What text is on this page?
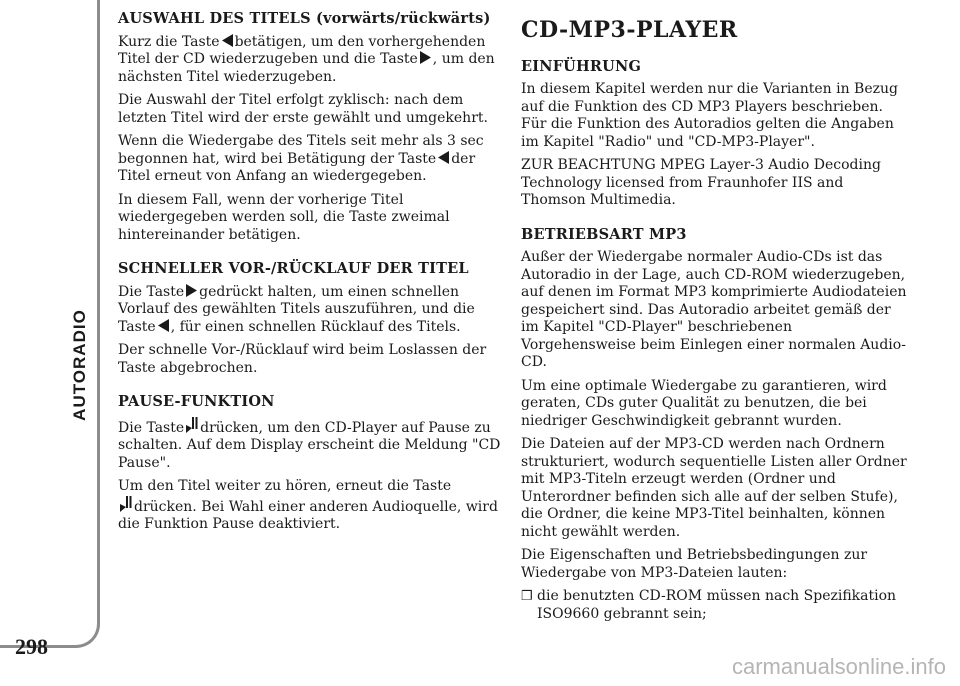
AUTORADIO
298
AUSWAHL DES TITELS (vorwärts/rückwärts)

Kurz die Taste betätigen, um den vorhergehenden Titel der CD wiederzugeben und die Taste , um den nächsten Titel wiederzugeben.

Die Auswahl der Titel erfolgt zyklisch: nach dem letzten Titel wird der erste gewählt und umgekehrt.

Wenn die Wiedergabe des Titels seit mehr als 3 sec begonnen hat, wird bei Betätigung der Taste der Titel erneut von Anfang an wiedergegeben.

In diesem Fall, wenn der vorherige Titel wiedergegeben werden soll, die Taste zweimal hintereinander betätigen.

SCHNELLER VOR-/RÜCKLAUF DER TITEL

Die Taste gedrückt halten, um einen schnellen Vorlauf des gewählten Titels auszuführen, und die Taste , für einen schnellen Rücklauf des Titels.

Der schnelle Vor-/Rücklauf wird beim Loslassen der Taste abgebrochen.

PAUSE-FUNKTION

Die Taste drücken, um den CD-Player auf Pause zu schalten. Auf dem Display erscheint die Meldung "CD Pause".

Um den Titel weiter zu hören, erneut die Taste
drücken. Bei Wahl einer anderen Audioquelle, wird die Funktion Pause deaktiviert.

CD-MP3-PLAYER
EINFÜHRUNG

In diesem Kapitel werden nur die Varianten in Bezug auf die Funktion des CD MP3 Players beschrieben. Für die Funktion des Autoradios gelten die Angaben im Kapitel "Radio" und "CD-MP3-Player".

ZUR BEACHTUNG MPEG Layer-3 Audio Decoding Technology licensed from Fraunhofer IIS and Thomson Multimedia.

BETRIEBSART MP3

Außer der Wiedergabe normaler Audio-CDs ist das Autoradio in der Lage, auch CD-ROM wiederzugeben, auf denen im Format MP3 komprimierte Audiodateien gespeichert sind. Das Autoradio arbeitet gemäß der im Kapitel "CD-Player" beschriebenen Vorgehensweise beim Einlegen einer normalen Audio-CD.

Um eine optimale Wiedergabe zu garantieren, wird geraten, CDs guter Qualität zu benutzen, die bei niedriger Geschwindigkeit gebrannt wurden.

Die Dateien auf der MP3-CD werden nach Ordnern strukturiert, wodurch sequentielle Listen aller Ordner mit MP3-Titeln erzeugt werden (Ordner und Unterordner befinden sich alle auf der selben Stufe), die Ordner, die keine MP3-Titel beinhalten, können nicht gewählt werden.

Die Eigenschaften und Betriebsbedingungen zur Wiedergabe von MP3-Dateien lauten:

❒ die benutzten CD-ROM müssen nach Spezifikation ISO9660 gebrannt sein;
carmanualsonline.info
